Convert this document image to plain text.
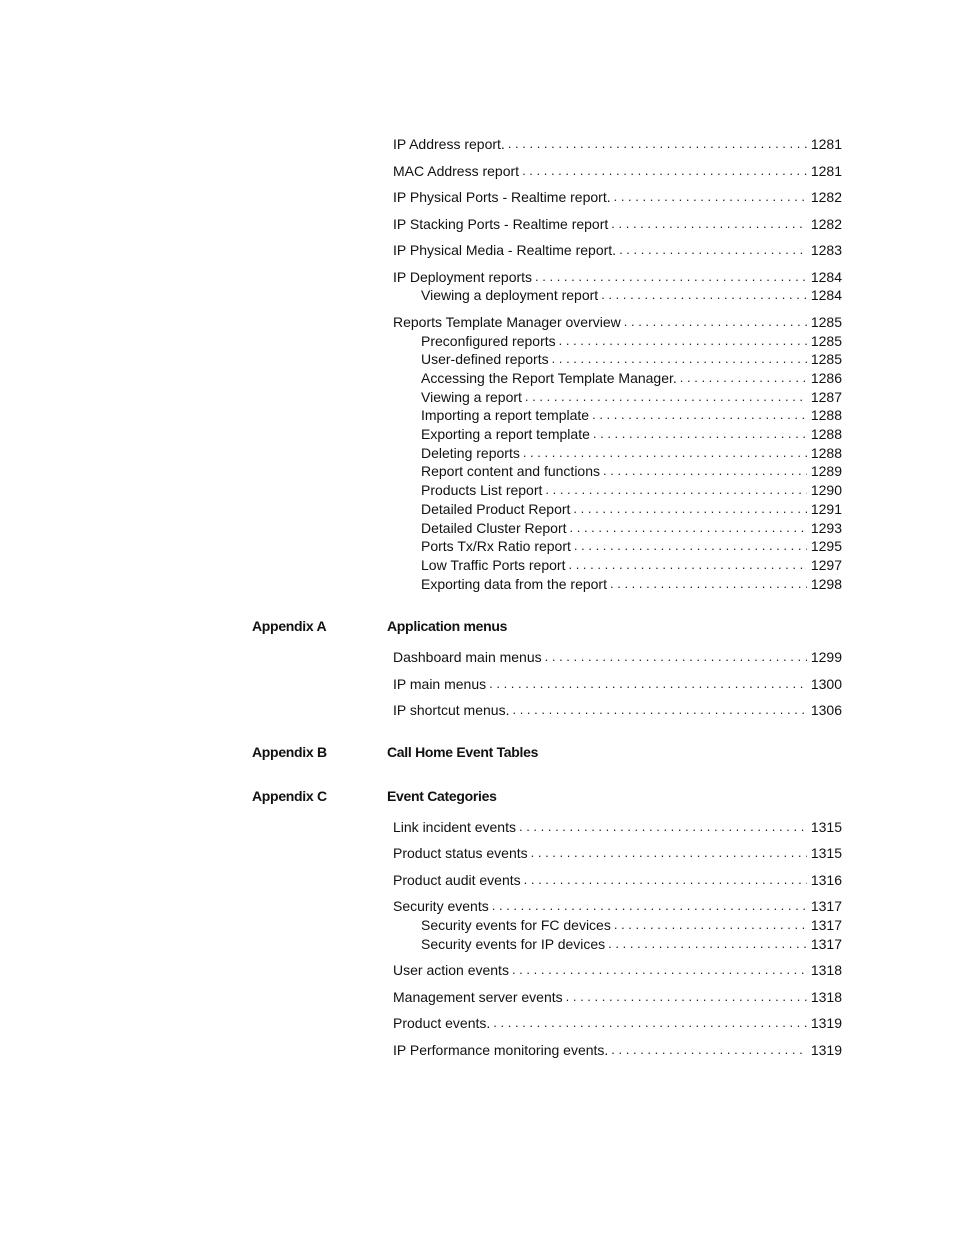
IP Address report. . . .	1281
MAC Address report . . .	1281
IP Physical Ports - Realtime report. . . .	1282
IP Stacking Ports - Realtime report . . .	1282
IP Physical Media - Realtime report. . . .	1283
IP Deployment reports . . .	1284
Viewing a deployment report . . .	1284
Reports Template Manager overview . . .	1285
Preconfigured reports . . .	1285
User-defined reports . . .	1285
Accessing the Report Template Manager. . . .	1286
Viewing a report . . .	1287
Importing a report template . . .	1288
Exporting a report template . . .	1288
Deleting reports . . .	1288
Report content and functions . . .	1289
Products List report . . .	1290
Detailed Product Report . . .	1291
Detailed Cluster Report . . .	1293
Ports Tx/Rx Ratio report . . .	1295
Low Traffic Ports report . . .	1297
Exporting data from the report . . .	1298
Appendix A	Application menus
Dashboard main menus . . .	1299
IP main menus . . .	1300
IP shortcut menus. . . .	1306
Appendix B	Call Home Event Tables
Appendix C	Event Categories
Link incident events . . .	1315
Product status events . . .	1315
Product audit events . . .	1316
Security events . . .	1317
Security events for FC devices . . .	1317
Security events for IP devices . . .	1317
User action events . . .	1318
Management server events . . .	1318
Product events. . . .	1319
IP Performance monitoring events. . . .	1319
